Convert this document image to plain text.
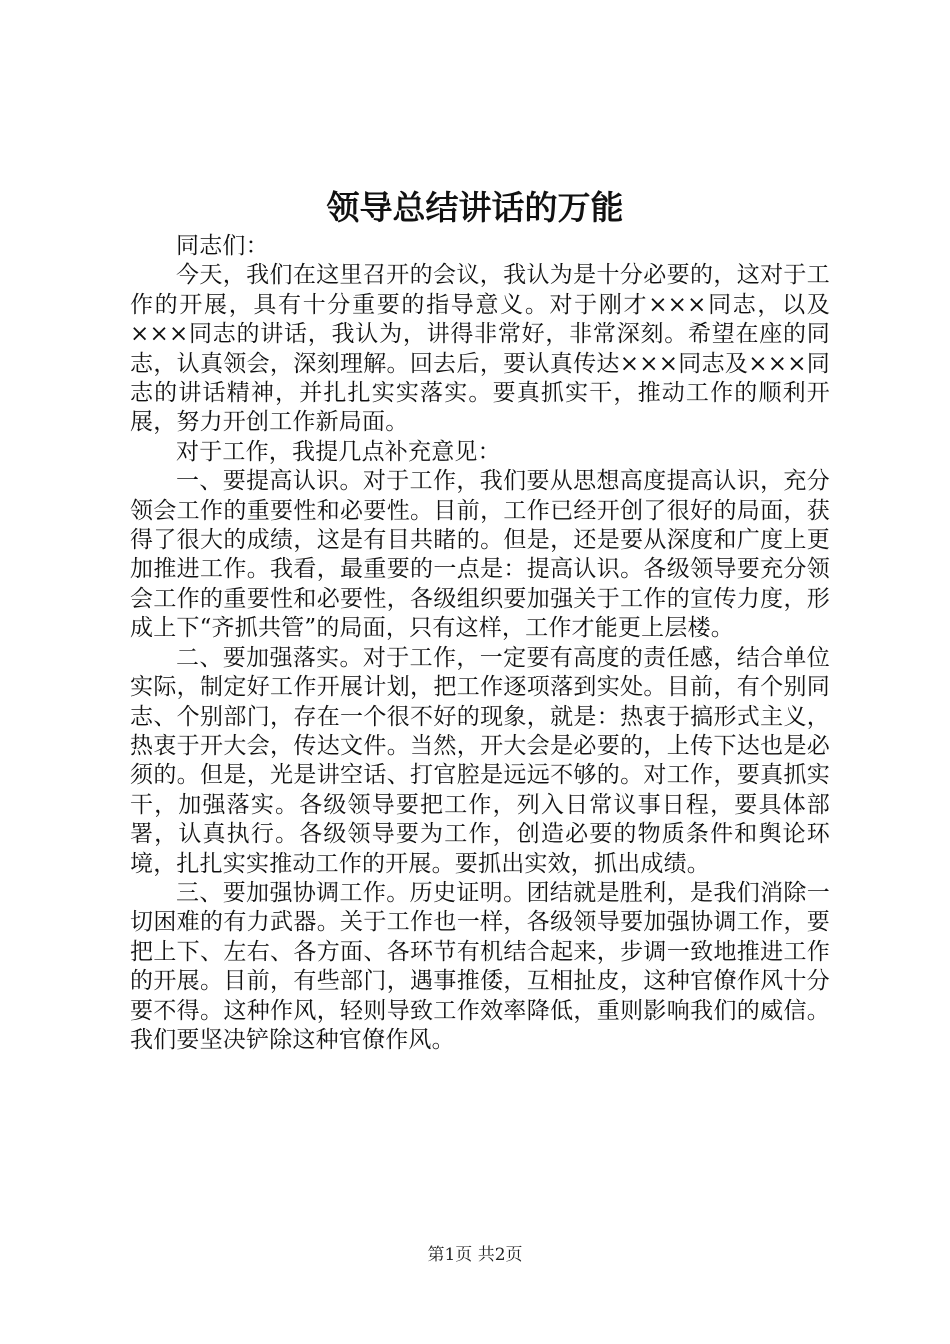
领导总结讲话的万能

同志们：

今天，我们在这里召开的会议，我认为是十分必要的，这对于工作的开展，具有十分重要的指导意义。对于刚才×××同志，以及×××同志的讲话，我认为，讲得非常好，非常深刻。希望在座的同志，认真领会，深刻理解。回去后，要认真传达×××同志及×××同志的讲话精神，并扎扎实实落实。要真抓实干，推动工作的顺利开展，努力开创工作新局面。

对于工作，我提几点补充意见：

一、要提高认识。对于工作，我们要从思想高度提高认识，充分领会工作的重要性和必要性。目前，工作已经开创了很好的局面，获得了很大的成绩，这是有目共睹的。但是，还是要从深度和广度上更加推进工作。我看，最重要的一点是：提高认识。各级领导要充分领会工作的重要性和必要性，各级组织要加强关于工作的宣传力度，形成上下“齐抓共管”的局面，只有这样，工作才能更上层楼。

二、要加强落实。对于工作，一定要有高度的责任感，结合单位实际，制定好工作开展计划，把工作逐项落到实处。目前，有个别同志、个别部门，存在一个很不好的现象，就是：热衷于搞形式主义，热衷于开大会，传达文件。当然，开大会是必要的，上传下达也是必须的。但是，光是讲空话、打官腔是远远不够的。对工作，要真抓实干，加强落实。各级领导要把工作，列入日常议事日程，要具体部署，认真执行。各级领导要为工作，创造必要的物质条件和舆论环境，扎扎实实推动工作的开展。要抓出实效，抓出成绩。

三、要加强协调工作。历史证明。团结就是胜利，是我们消除一切困难的有力武器。关于工作也一样，各级领导要加强协调工作，要把上下、左右、各方面、各环节有机结合起来，步调一致地推进工作的开展。目前，有些部门，遇事推倭，互相扯皮，这种官僚作风十分要不得。这种作风，轻则导致工作效率降低，重则影响我们的威信。我们要坚决铲除这种官僚作风。

第1页 共2页
